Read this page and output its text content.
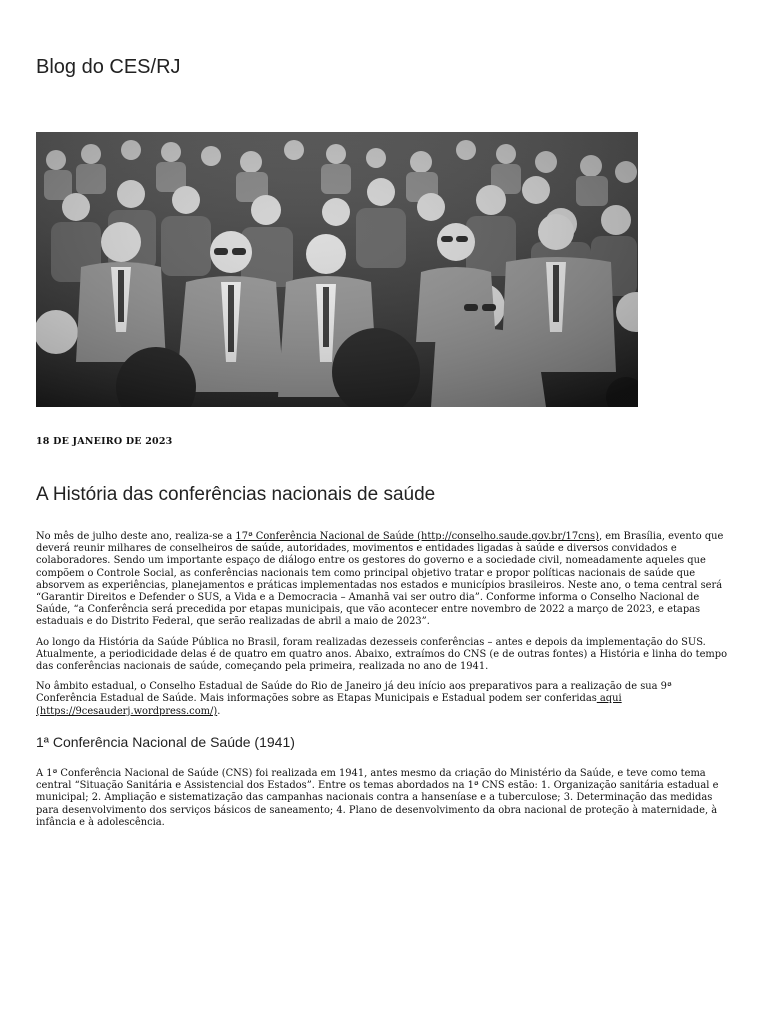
Blog do CES/RJ
18 DE JANEIRO DE 2023
A História das conferências nacionais de saúde

No mês de julho deste ano, realiza-se a 17ª Conferência Nacional de Saúde (http://conselho.saude.gov.br/17cns), em Brasília, evento que deverá reunir milhares de conselheiros de saúde, autoridades, movimentos e entidades ligadas à saúde e diversos convidados e colaboradores. Sendo um importante espaço de diálogo entre os gestores do governo e a sociedade civil, nomeadamente aqueles que compõem o Controle Social, as conferências nacionais tem como principal objetivo tratar e propor políticas nacionais de saúde que absorvem as experiências, planejamentos e práticas implementadas nos estados e municípios brasileiros. Neste ano, o tema central será “Garantir Direitos e Defender o SUS, a Vida e a Democracia – Amanhã vai ser outro dia”. Conforme informa o Conselho Nacional de Saúde, “a Conferência será precedida por etapas municipais, que vão acontecer entre novembro de 2022 a março de 2023, e etapas estaduais e do Distrito Federal, que serão realizadas de abril a maio de 2023”.

Ao longo da História da Saúde Pública no Brasil, foram realizadas dezesseis conferências – antes e depois da implementação do SUS. Atualmente, a periodicidade delas é de quatro em quatro anos. Abaixo, extraímos do CNS (e de outras fontes) a História e linha do tempo das conferências nacionais de saúde, começando pela primeira, realizada no ano de 1941.

No âmbito estadual, o Conselho Estadual de Saúde do Rio de Janeiro já deu início aos preparativos para a realização de sua 9ª Conferência Estadual de Saúde. Mais informações sobre as Etapas Municipais e Estadual podem ser conferidas aqui (https://9cesauderj.wordpress.com/).

1ª Conferência Nacional de Saúde (1941)

A 1ª Conferência Nacional de Saúde (CNS) foi realizada em 1941, antes mesmo da criação do Ministério da Saúde, e teve como tema central “Situação Sanitária e Assistencial dos Estados”. Entre os temas abordados na 1ª CNS estão: 1. Organização sanitária estadual e municipal; 2. Ampliação e sistematização das campanhas nacionais contra a hanseníase e a tuberculose; 3. Determinação das medidas para desenvolvimento dos serviços básicos de saneamento; 4. Plano de desenvolvimento da obra nacional de proteção à maternidade, à infância e à adolescência.
